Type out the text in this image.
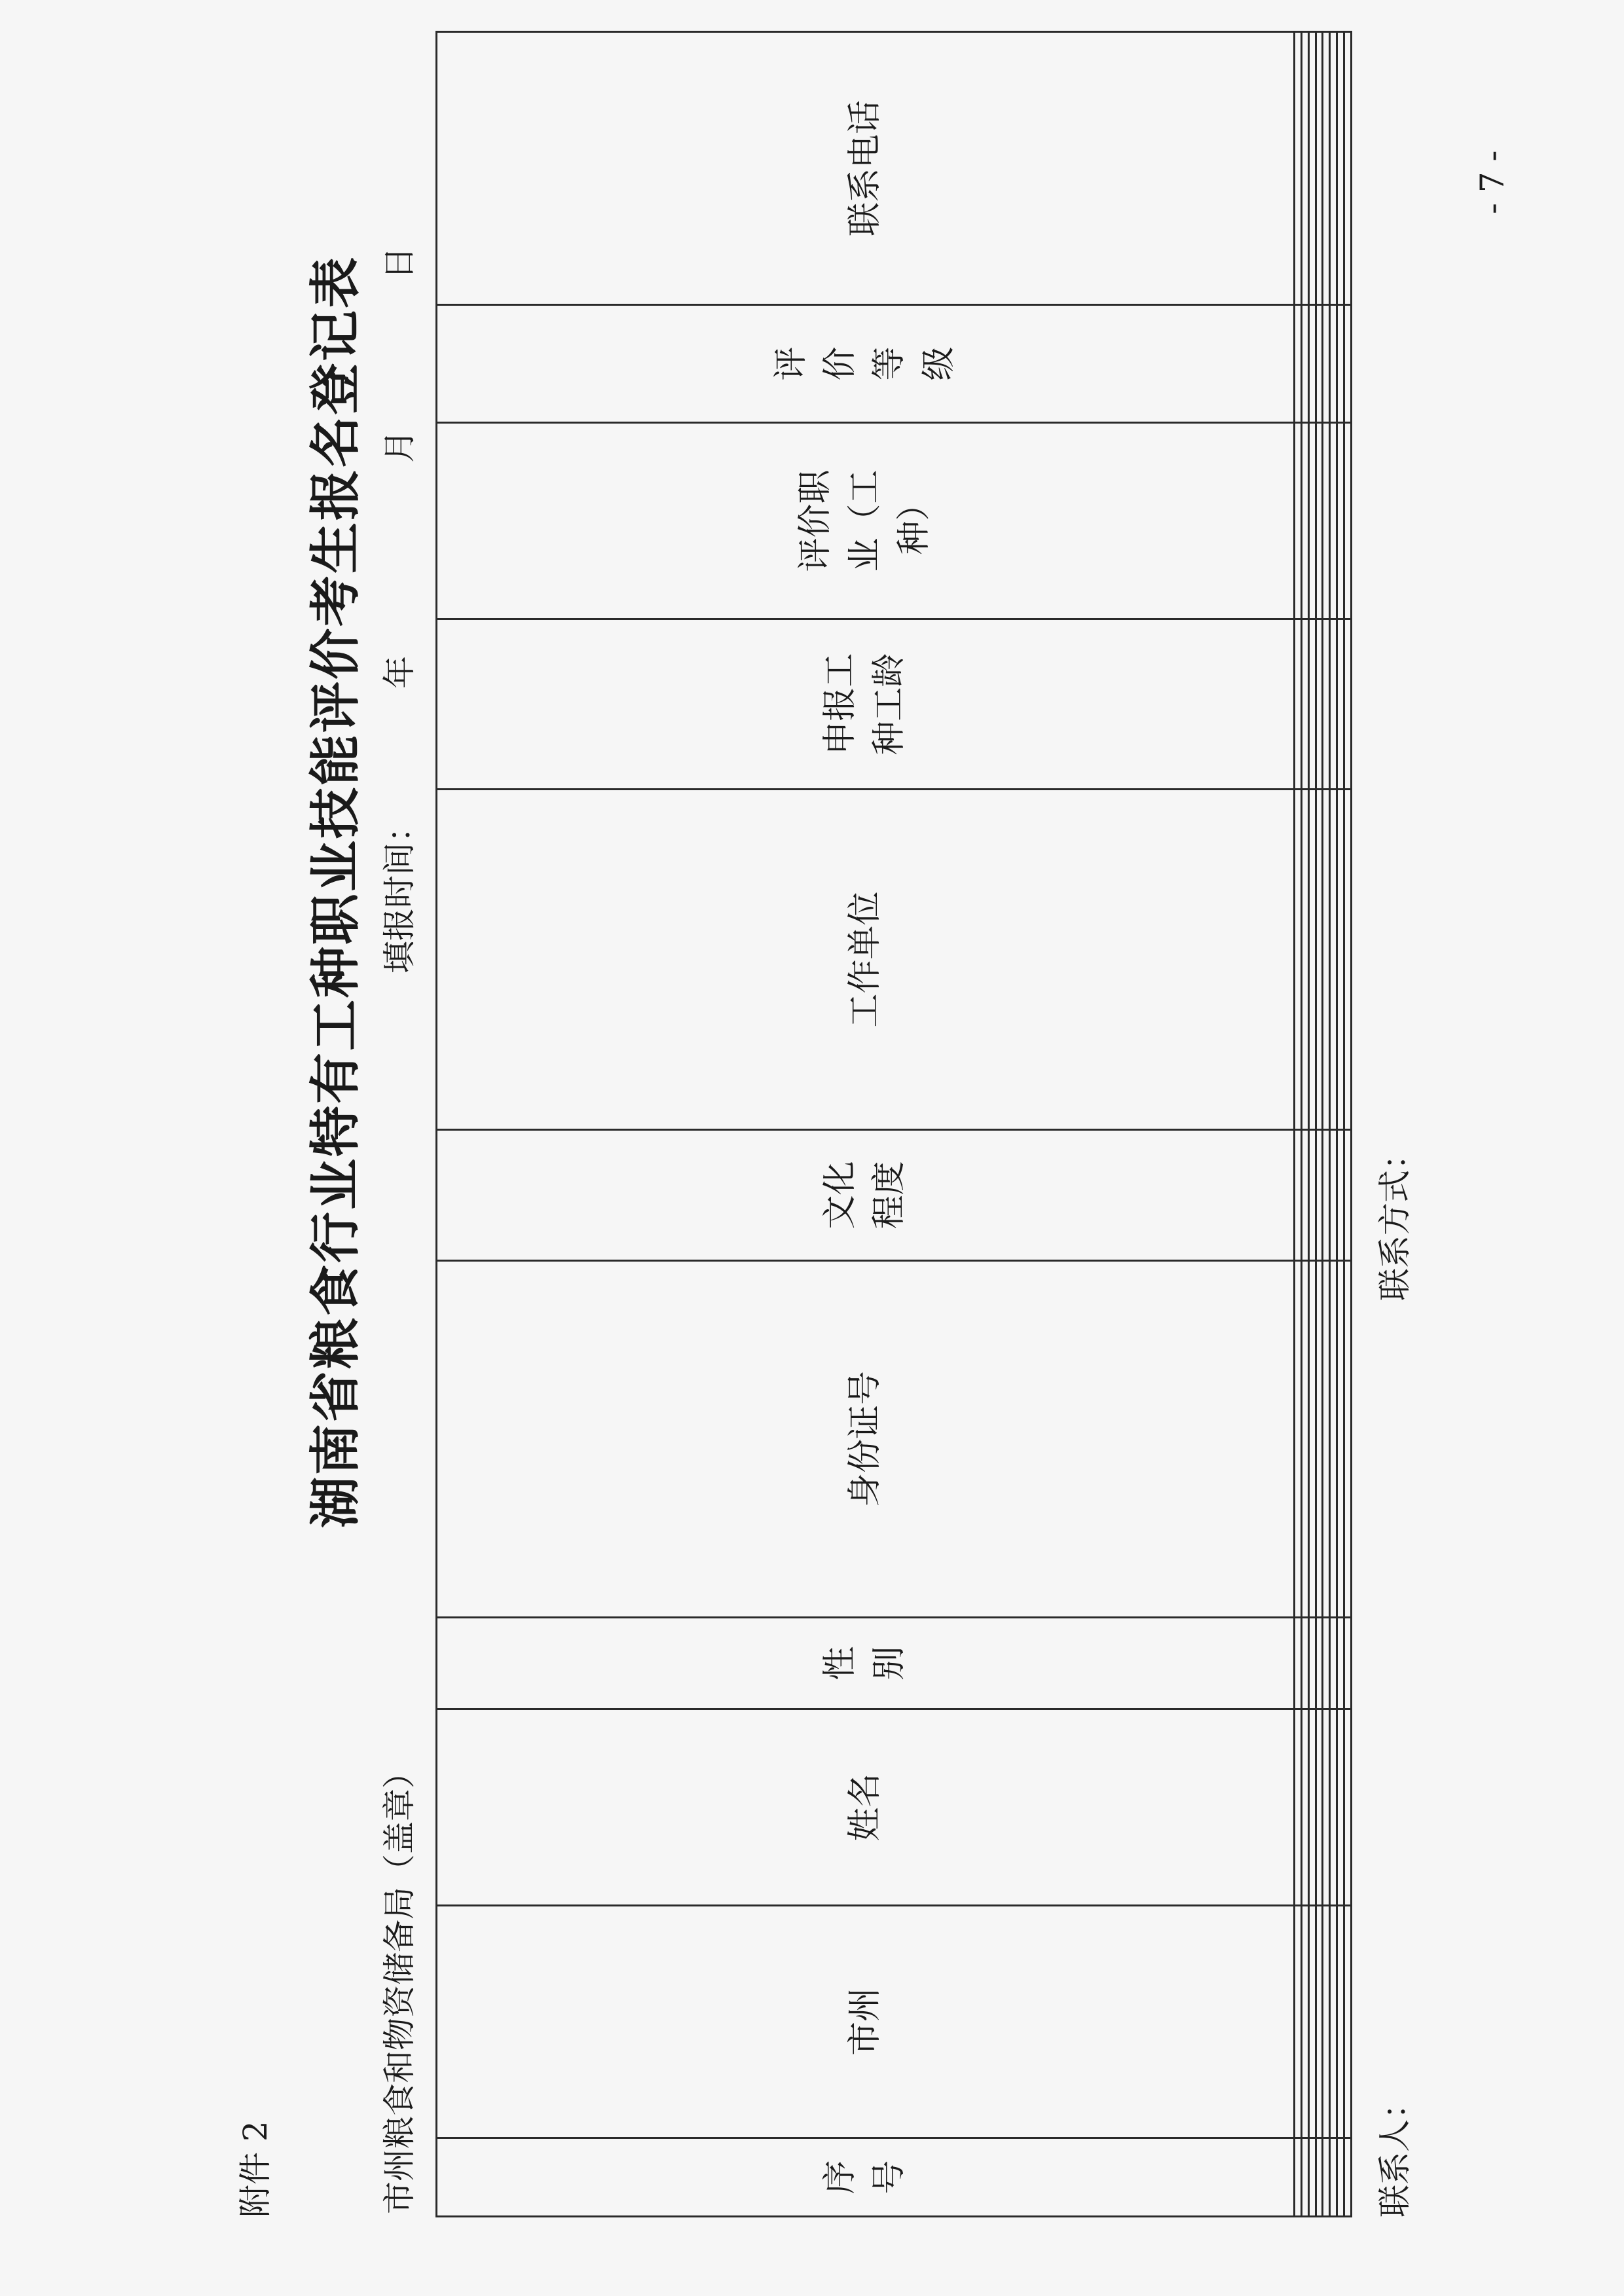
附件 2
湖南省粮食行业特有工种职业技能评价考生报名登记表
市州粮食和物资储备局（盖章）
填报时间：
年
月
日
序号	市州	姓名	性别	身份证号	文化程度	工作单位	申报工种工龄	评价职业（工种）	评价等级	联系电话

联系人：
联系方式：
- 7 -
